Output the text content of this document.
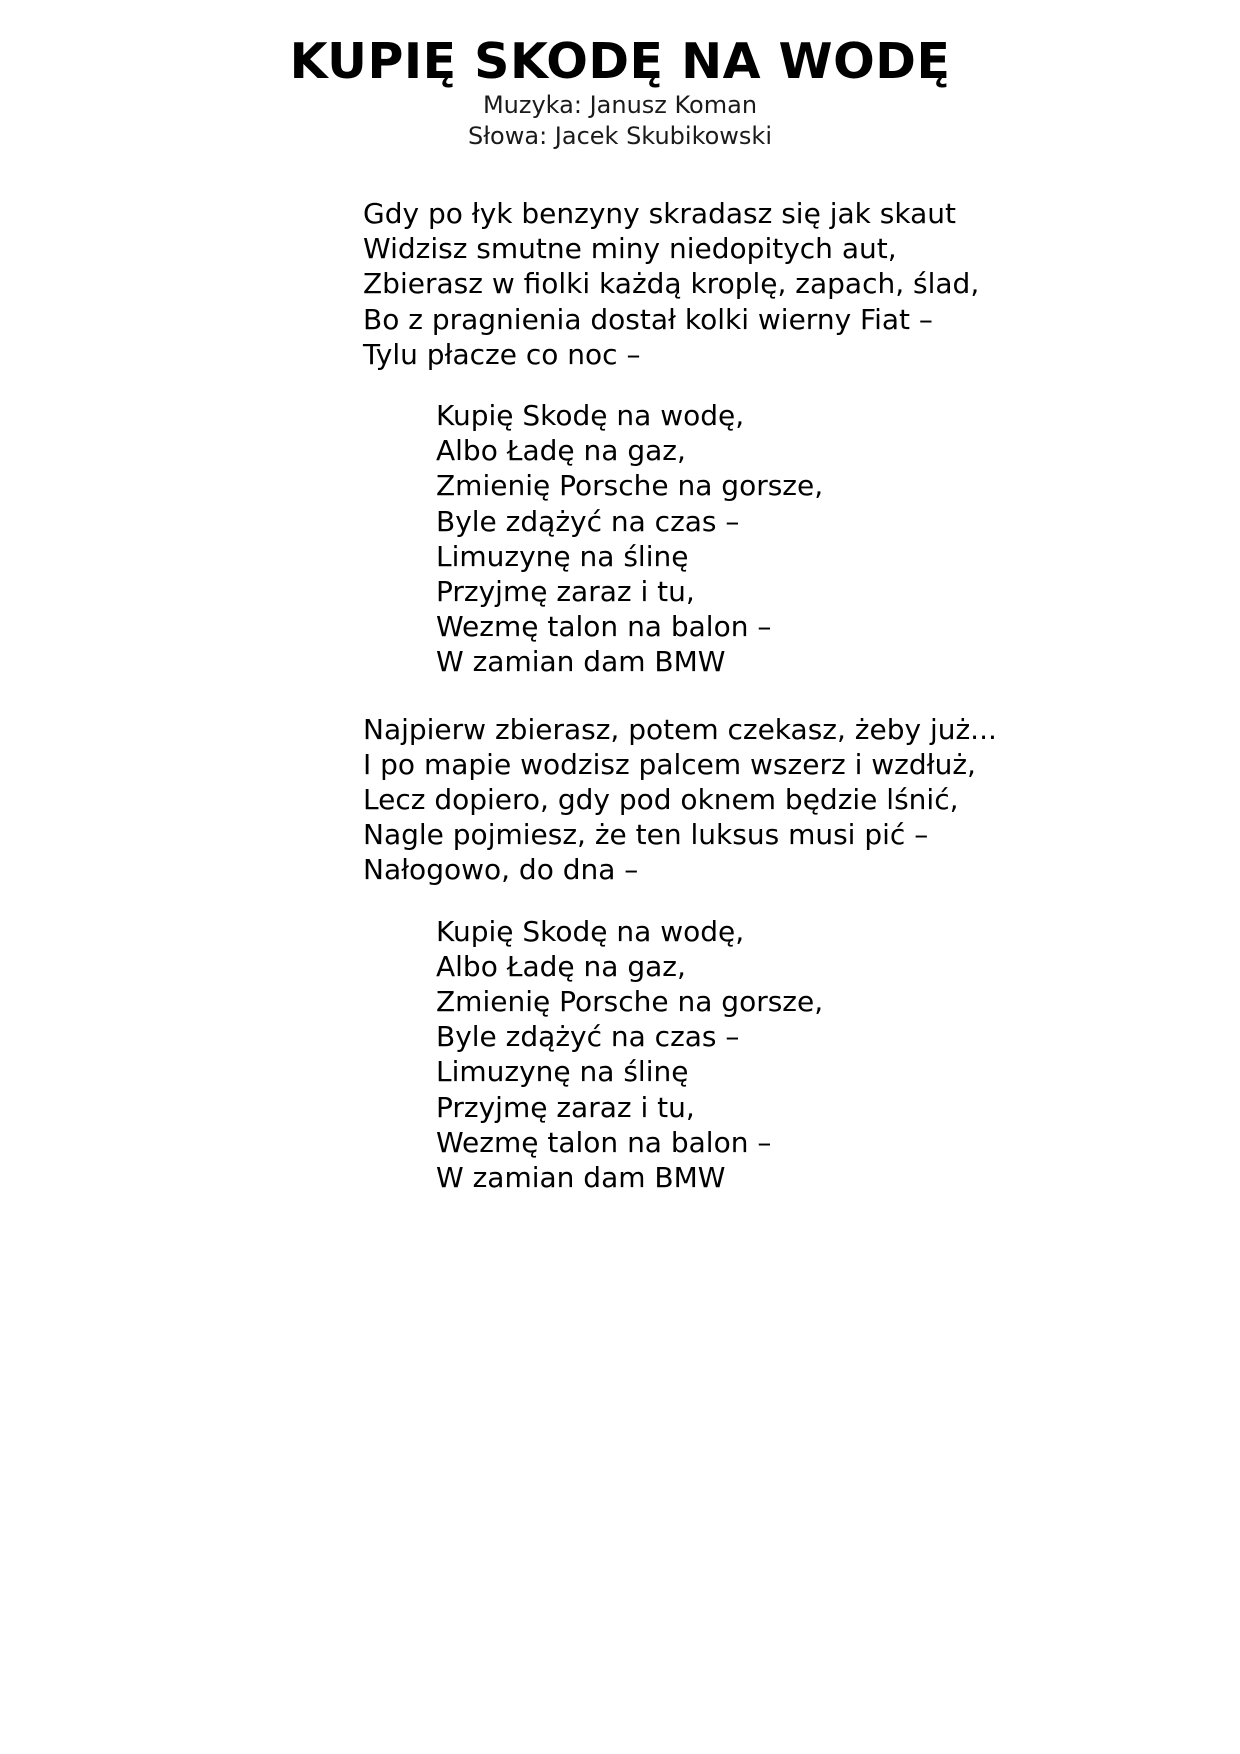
KUPIĘ SKODĘ NA WODĘ

Muzyka: Janusz Koman

Słowa: Jacek Skubikowski

Gdy po łyk benzyny skradasz się jak skaut
Widzisz smutne miny niedopitych aut,
Zbierasz w fiolki każdą kroplę, zapach, ślad,
Bo z pragnienia dostał kolki wierny Fiat –
Tylu płacze co noc –
Kupię Skodę na wodę,
Albo Ładę na gaz,
Zmienię Porsche na gorsze,
Byle zdążyć na czas –
Limuzynę na ślinę
Przyjmę zaraz i tu,
Wezmę talon na balon –
W zamian dam BMW
Najpierw zbierasz, potem czekasz, żeby już...
I po mapie wodzisz palcem wszerz i wzdłuż,
Lecz dopiero, gdy pod oknem będzie lśnić,
Nagle pojmiesz, że ten luksus musi pić –
Nałogowo, do dna –
Kupię Skodę na wodę,
Albo Ładę na gaz,
Zmienię Porsche na gorsze,
Byle zdążyć na czas –
Limuzynę na ślinę
Przyjmę zaraz i tu,
Wezmę talon na balon –
W zamian dam BMW
